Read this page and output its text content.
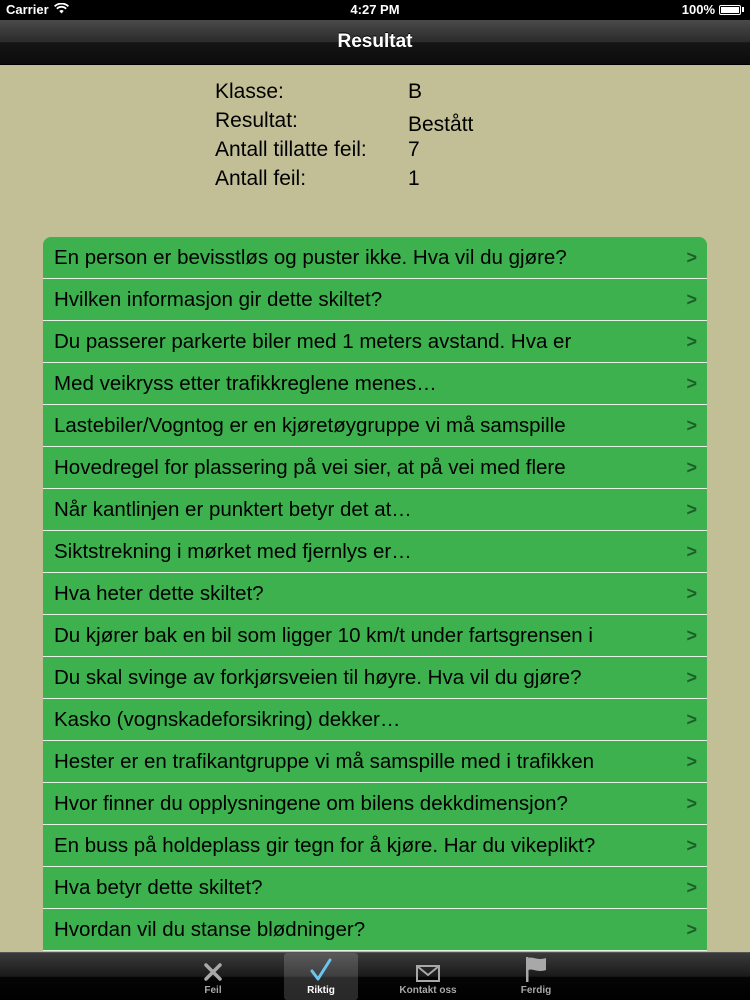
Carrier	4:27 PM	100%
Resultat
Klasse:	B
Resultat:	Bestått
Antall tillatte feil: 7
Antall feil:	1
En person er bevisstløs og puster ikke. Hva vil du gjøre?	>
Hvilken informasjon gir dette skiltet?	>
Du passerer parkerte biler med 1 meters avstand. Hva er	>
Med veikryss etter trafikkreglene menes…	>
Lastebiler/Vogntog er en kjøretøygruppe vi må samspille	>
Hovedregel for plassering på vei sier, at på vei med flere	>
Når kantlinjen er punktert betyr det at…	>
Siktstrekning i mørket med fjernlys er…	>
Hva heter dette skiltet?	>
Du kjører bak en bil som ligger 10 km/t under fartsgrensen i	>
Du skal svinge av forkjørsveien til høyre. Hva vil du gjøre?	>
Kasko (vognskadeforsikring) dekker…	>
Hester er en trafikantgruppe vi må samspille med i trafikken	>
Hvor finner du opplysningene om bilens dekkdimensjon?	>
En buss på holdeplass gir tegn for å kjøre. Har du vikeplikt?	>
Hva betyr dette skiltet?	>
Hvordan vil du stanse blødninger?	>
Feil	Riktig	Kontakt oss	Ferdig
